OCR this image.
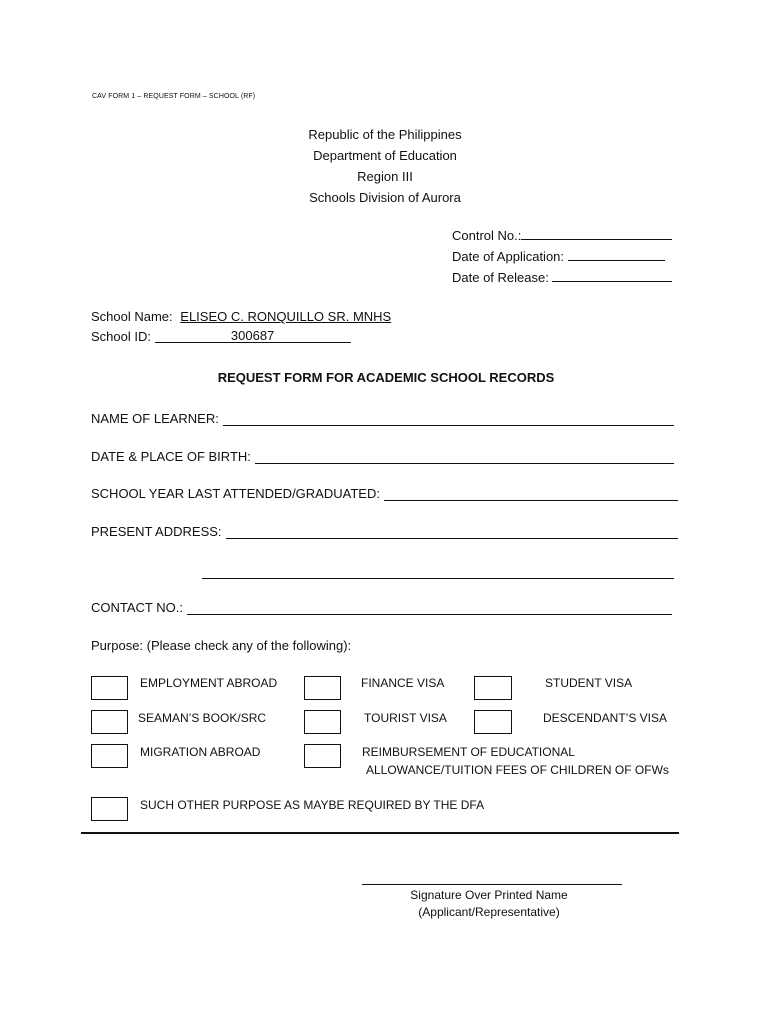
CAV FORM 1 – REQUEST FORM – SCHOOL (RF)
Republic of the Philippines
Department of Education
Region III
Schools Division of Aurora
Control No.:
Date of Application:
Date of Release:
School Name: ELISEO C. RONQUILLO SR. MNHS
School ID:	300687
REQUEST FORM FOR ACADEMIC SCHOOL RECORDS
NAME OF LEARNER:
DATE & PLACE OF BIRTH:
SCHOOL YEAR LAST ATTENDED/GRADUATED:
PRESENT ADDRESS:
CONTACT NO.:
Purpose: (Please check any of the following):
EMPLOYMENT ABROAD	FINANCE VISA	STUDENT VISA
SEAMAN’S BOOK/SRC	TOURIST VISA	DESCENDANT’S VISA
MIGRATION ABROAD	REIMBURSEMENT OF EDUCATIONAL
ALLOWANCE/TUITION FEES OF CHILDREN OF OFWs
SUCH OTHER PURPOSE AS MAYBE REQUIRED BY THE DFA
Signature Over Printed Name
(Applicant/Representative)
